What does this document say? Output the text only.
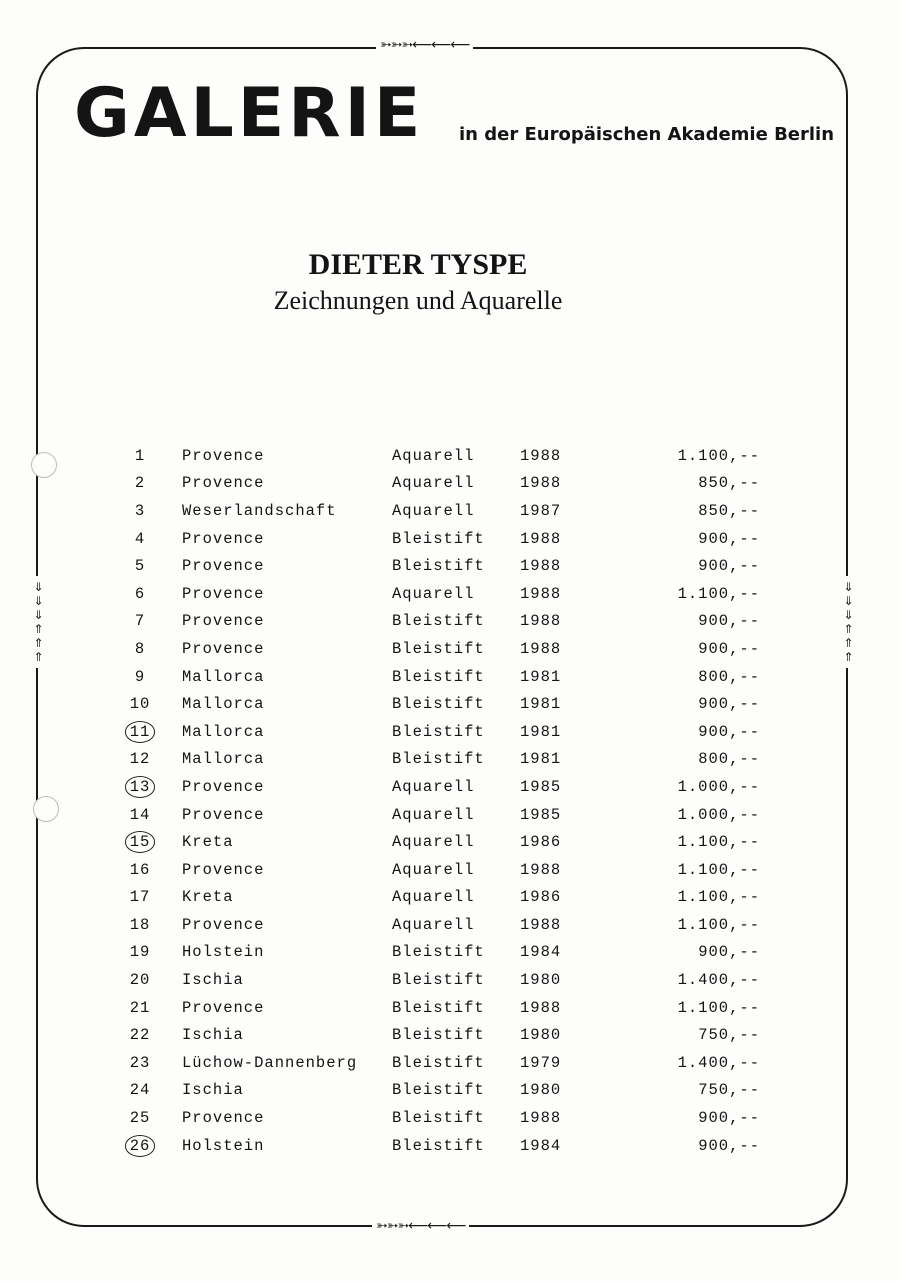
➳➳➳⟵⟵⟵
➳➳➳⟵⟵⟵
⇓⇓⇓⇑⇑⇑
⇓⇓⇓⇑⇑⇑
GALERIE in der Europäischen Akademie Berlin
DIETER TYSPE
Zeichnungen und Aquarelle
1	Provence	Aquarell	1988	1.100,--
2	Provence	Aquarell	1988	850,--
3	Weserlandschaft	Aquarell	1987	850,--
4	Provence	Bleistift	1988	900,--
5	Provence	Bleistift	1988	900,--
6	Provence	Aquarell	1988	1.100,--
7	Provence	Bleistift	1988	900,--
8	Provence	Bleistift	1988	900,--
9	Mallorca	Bleistift	1981	800,--
10	Mallorca	Bleistift	1981	900,--
11	Mallorca	Bleistift	1981	900,--
12	Mallorca	Bleistift	1981	800,--
13	Provence	Aquarell	1985	1.000,--
14	Provence	Aquarell	1985	1.000,--
15	Kreta	Aquarell	1986	1.100,--
16	Provence	Aquarell	1988	1.100,--
17	Kreta	Aquarell	1986	1.100,--
18	Provence	Aquarell	1988	1.100,--
19	Holstein	Bleistift	1984	900,--
20	Ischia	Bleistift	1980	1.400,--
21	Provence	Bleistift	1988	1.100,--
22	Ischia	Bleistift	1980	750,--
23	Lüchow-Dannenberg	Bleistift	1979	1.400,--
24	Ischia	Bleistift	1980	750,--
25	Provence	Bleistift	1988	900,--
26	Holstein	Bleistift	1984	900,--
